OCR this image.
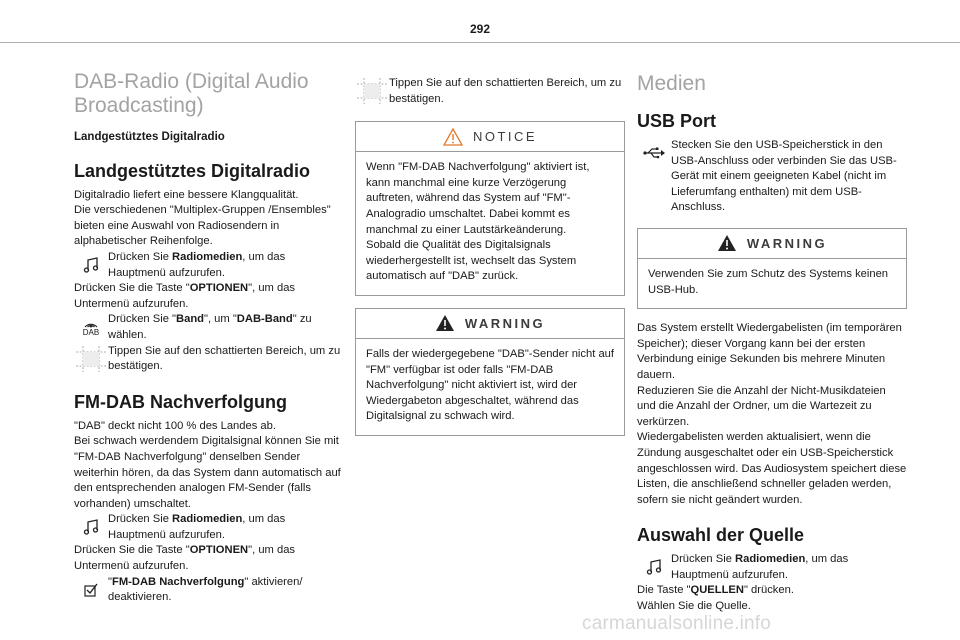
292
DAB-Radio (Digital Audio Broadcasting)
Landgestütztes Digitalradio
Landgestütztes Digitalradio

Digitalradio liefert eine bessere Klangqualität.
Die verschiedenen "Multiplex-Gruppen /Ensembles" bieten eine Auswahl von Radiosendern in alphabetischer Reihenfolge.

Drücken Sie Radiomedien, um das Hauptmenü aufzurufen.

Drücken Sie die Taste "OPTIONEN", um das Untermenü aufzurufen.

DAB

Drücken Sie "Band", um "DAB-Band" zu wählen.

Tippen Sie auf den schattierten Bereich, um zu bestätigen.

FM-DAB Nachverfolgung

"DAB" deckt nicht 100 % des Landes ab.
Bei schwach werdendem Digitalsignal können Sie mit "FM-DAB Nachverfolgung" denselben Sender weiterhin hören, da das System dann automatisch auf den entsprechenden analogen FM-Sender (falls vorhanden) umschaltet.

Drücken Sie Radiomedien, um das Hauptmenü aufzurufen.

Drücken Sie die Taste "OPTIONEN", um das Untermenü aufzurufen.

"FM-DAB Nachverfolgung" aktivieren/ deaktivieren.

Tippen Sie auf den schattierten Bereich, um zu bestätigen.

NOTICE
Wenn "FM-DAB Nachverfolgung" aktiviert ist, kann manchmal eine kurze Verzögerung auftreten, während das System auf "FM"-Analogradio umschaltet. Dabei kommt es manchmal zu einer Lautstärkeänderung.
Sobald die Qualität des Digitalsignals wiederhergestellt ist, wechselt das System automatisch auf "DAB" zurück.
WARNING
Falls der wiedergegebene "DAB"-Sender nicht auf "FM" verfügbar ist oder falls "FM-DAB Nachverfolgung" nicht aktiviert ist, wird der Wiedergabeton abgeschaltet, während das Digitalsignal zu schwach wird.
Medien
USB Port

Stecken Sie den USB-Speicherstick in den USB-Anschluss oder verbinden Sie das USB-Gerät mit einem geeigneten Kabel (nicht im Lieferumfang enthalten) mit dem USB-Anschluss.

WARNING
Verwenden Sie zum Schutz des Systems keinen USB-Hub.

Das System erstellt Wiedergabelisten (im temporären Speicher); dieser Vorgang kann bei der ersten Verbindung einige Sekunden bis mehrere Minuten dauern.
Reduzieren Sie die Anzahl der Nicht-Musikdateien und die Anzahl der Ordner, um die Wartezeit zu verkürzen.
Wiedergabelisten werden aktualisiert, wenn die Zündung ausgeschaltet oder ein USB-Speicherstick angeschlossen wird. Das Audiosystem speichert diese Listen, die anschließend schneller geladen werden, sofern sie nicht geändert wurden.

Auswahl der Quelle

Drücken Sie Radiomedien, um das Hauptmenü aufzurufen.

Die Taste "QUELLEN" drücken.

Wählen Sie die Quelle.

carmanualsonline.info
